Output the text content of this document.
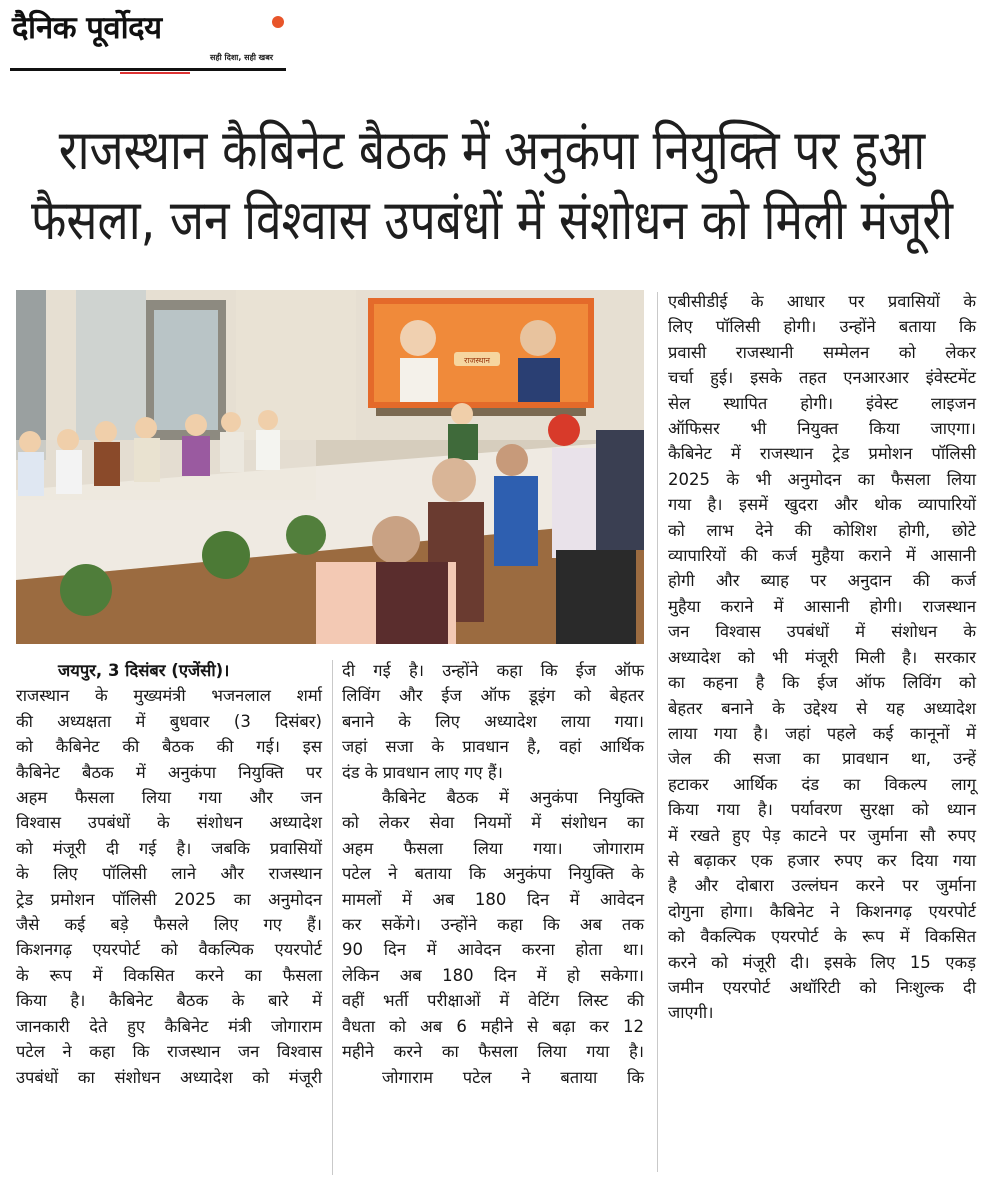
दैनिक पूर्वोदय
सही दिशा, सही खबर
राजस्थान कैबिनेट बैठक में अनुकंपा नियुक्ति पर हुआ
फैसला, जन विश्वास उपबंधों में संशोधन को मिली मंजूरी
राजस्थान
जयपुर, 3 दिसंबर (एजेंसी)।
राजस्थान के मुख्यमंत्री भजनलाल शर्मा
की अध्यक्षता में बुधवार (3 दिसंबर)
को कैबिनेट की बैठक की गई। इस
कैबिनेट बैठक में अनुकंपा नियुक्ति पर
अहम फैसला लिया गया और जन
विश्वास उपबंधों के संशोधन अध्यादेश
को मंजूरी दी गई है। जबकि प्रवासियों
के लिए पॉलिसी लाने और राजस्थान
ट्रेड प्रमोशन पॉलिसी 2025 का अनुमोदन
जैसे कई बड़े फैसले लिए गए हैं।
किशनगढ़ एयरपोर्ट को वैकल्पिक एयरपोर्ट
के रूप में विकसित करने का फैसला
किया है। कैबिनेट बैठक के बारे में
जानकारी देते हुए कैबिनेट मंत्री जोगाराम
पटेल ने कहा कि राजस्थान जन विश्वास
उपबंधों का संशोधन अध्यादेश को मंजूरी
दी गई है। उन्होंने कहा कि ईज ऑफ
लिविंग और ईज ऑफ डूइंग को बेहतर
बनाने के लिए अध्यादेश लाया गया।
जहां सजा के प्रावधान है, वहां आर्थिक
दंड के प्रावधान लाए गए हैं।
कैबिनेट बैठक में अनुकंपा नियुक्ति
को लेकर सेवा नियमों में संशोधन का
अहम फैसला लिया गया। जोगाराम
पटेल ने बताया कि अनुकंपा नियुक्ति के
मामलों में अब 180 दिन में आवेदन
कर सकेंगे। उन्होंने कहा कि अब तक
90 दिन में आवेदन करना होता था।
लेकिन अब 180 दिन में हो सकेगा।
वहीं भर्ती परीक्षाओं में वेटिंग लिस्ट की
वैधता को अब 6 महीने से बढ़ा कर 12
महीने करने का फैसला लिया गया है।
जोगाराम पटेल ने बताया कि
एबीसीडीई के आधार पर प्रवासियों के
लिए पॉलिसी होगी। उन्होंने बताया कि
प्रवासी राजस्थानी सम्मेलन को लेकर
चर्चा हुई। इसके तहत एनआरआर इंवेस्टमेंट
सेल स्थापित होगी। इंवेस्ट लाइजन
ऑफिसर भी नियुक्त किया जाएगा।
कैबिनेट में राजस्थान ट्रेड प्रमोशन पॉलिसी
2025 के भी अनुमोदन का फैसला लिया
गया है। इसमें खुदरा और थोक व्यापारियों
को लाभ देने की कोशिश होगी, छोटे
व्यापारियों की कर्ज मुहैया कराने में आसानी
होगी और ब्याह पर अनुदान की कर्ज
मुहैया कराने में आसानी होगी। राजस्थान
जन विश्वास उपबंधों में संशोधन के
अध्यादेश को भी मंजूरी मिली है। सरकार
का कहना है कि ईज ऑफ लिविंग को
बेहतर बनाने के उद्देश्य से यह अध्यादेश
लाया गया है। जहां पहले कई कानूनों में
जेल की सजा का प्रावधान था, उन्हें
हटाकर आर्थिक दंड का विकल्प लागू
किया गया है। पर्यावरण सुरक्षा को ध्यान
में रखते हुए पेड़ काटने पर जुर्माना सौ रुपए
से बढ़ाकर एक हजार रुपए कर दिया गया
है और दोबारा उल्लंघन करने पर जुर्माना
दोगुना होगा। कैबिनेट ने किशनगढ़ एयरपोर्ट
को वैकल्पिक एयरपोर्ट के रूप में विकसित
करने को मंजूरी दी। इसके लिए 15 एकड़
जमीन एयरपोर्ट अथॉरिटी को निःशुल्क दी
जाएगी।
